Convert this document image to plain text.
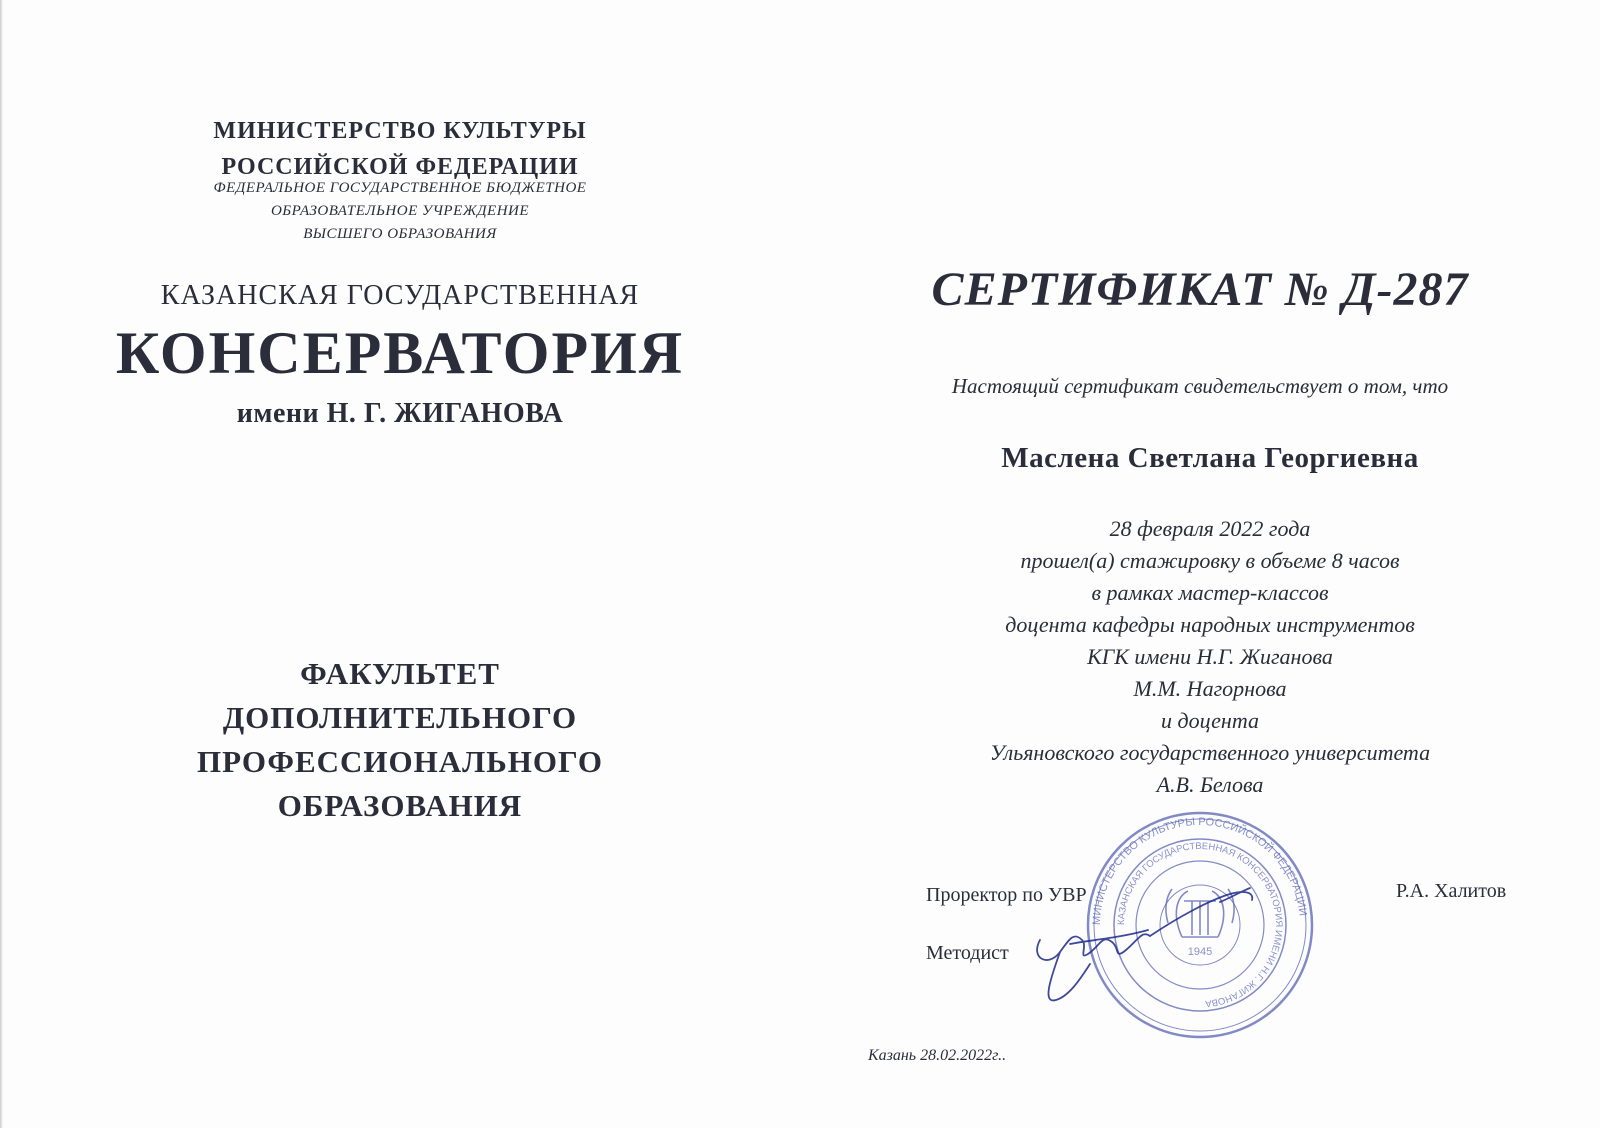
МИНИСТЕРСТВО КУЛЬТУРЫ
РОССИЙСКОЙ ФЕДЕРАЦИИ
ФЕДЕРАЛЬНОЕ ГОСУДАРСТВЕННОЕ БЮДЖЕТНОЕ
ОБРАЗОВАТЕЛЬНОЕ УЧРЕЖДЕНИЕ
ВЫСШЕГО ОБРАЗОВАНИЯ
КАЗАНСКАЯ ГОСУДАРСТВЕННАЯ
КОНСЕРВАТОРИЯ
имени Н. Г. ЖИГАНОВА
ФАКУЛЬТЕТ
ДОПОЛНИТЕЛЬНОГО
ПРОФЕССИОНАЛЬНОГО
ОБРАЗОВАНИЯ
СЕРТИФИКАТ № Д-287
Настоящий сертификат свидетельствует о том, что
Маслена Светлана Георгиевна
28 февраля 2022 года
прошел(а) стажировку в объеме 8 часов
в рамках мастер-классов
доцента кафедры народных инструментов
КГК имени Н.Г. Жиганова
М.М. Нагорнова
и доцента
Ульяновского государственного университета
А.В. Белова
МИНИСТЕРСТВО КУЛЬТУРЫ РОССИЙСКОЙ ФЕДЕРАЦИИ
КАЗАНСКАЯ ГОСУДАРСТВЕННАЯ КОНСЕРВАТОРИЯ ИМЕНИ Н.Г. ЖИГАНОВА
1945
Проректор по УВР	Р.А. Халитов
Методист
Казань 28.02.2022г..
